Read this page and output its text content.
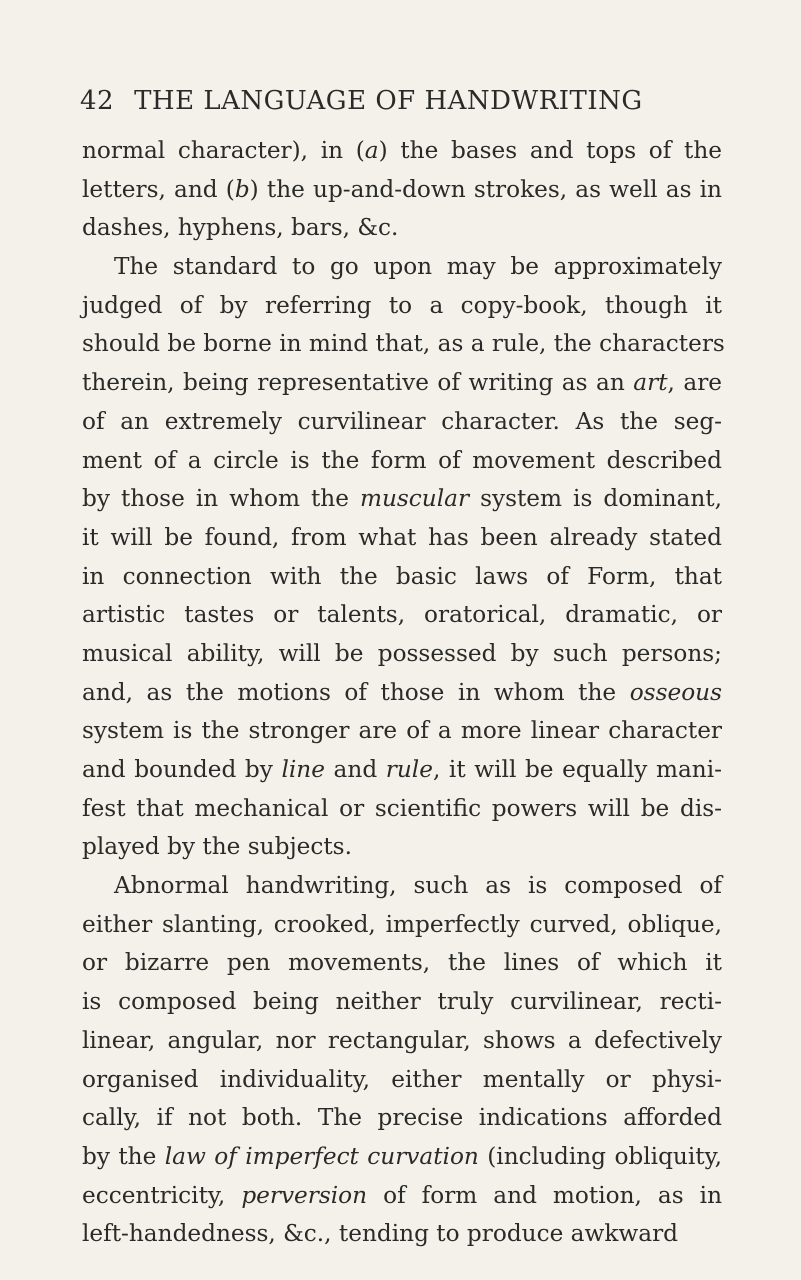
42 THE LANGUAGE OF HANDWRITING
normal character), in (a) the bases and tops of the
letters, and (b) the up-and-down strokes, as well as in
dashes, hyphens, bars, &c.
The standard to go upon may be approximately
judged of by referring to a copy-book, though it
should be borne in mind that, as a rule, the characters
therein, being representative of writing as an art, are
of an extremely curvilinear character. As the seg-
ment of a circle is the form of movement described
by those in whom the muscular system is dominant,
it will be found, from what has been already stated
in connection with the basic laws of Form, that
artistic tastes or talents, oratorical, dramatic, or
musical ability, will be possessed by such persons;
and, as the motions of those in whom the osseous
system is the stronger are of a more linear character
and bounded by line and rule, it will be equally mani-
fest that mechanical or scientific powers will be dis-
played by the subjects.
Abnormal handwriting, such as is composed of
either slanting, crooked, imperfectly curved, oblique,
or bizarre pen movements, the lines of which it
is composed being neither truly curvilinear, recti-
linear, angular, nor rectangular, shows a defectively
organised individuality, either mentally or physi-
cally, if not both. The precise indications afforded
by the law of imperfect curvation (including obliquity,
eccentricity, perversion of form and motion, as in
left-handedness, &c., tending to produce awkward
